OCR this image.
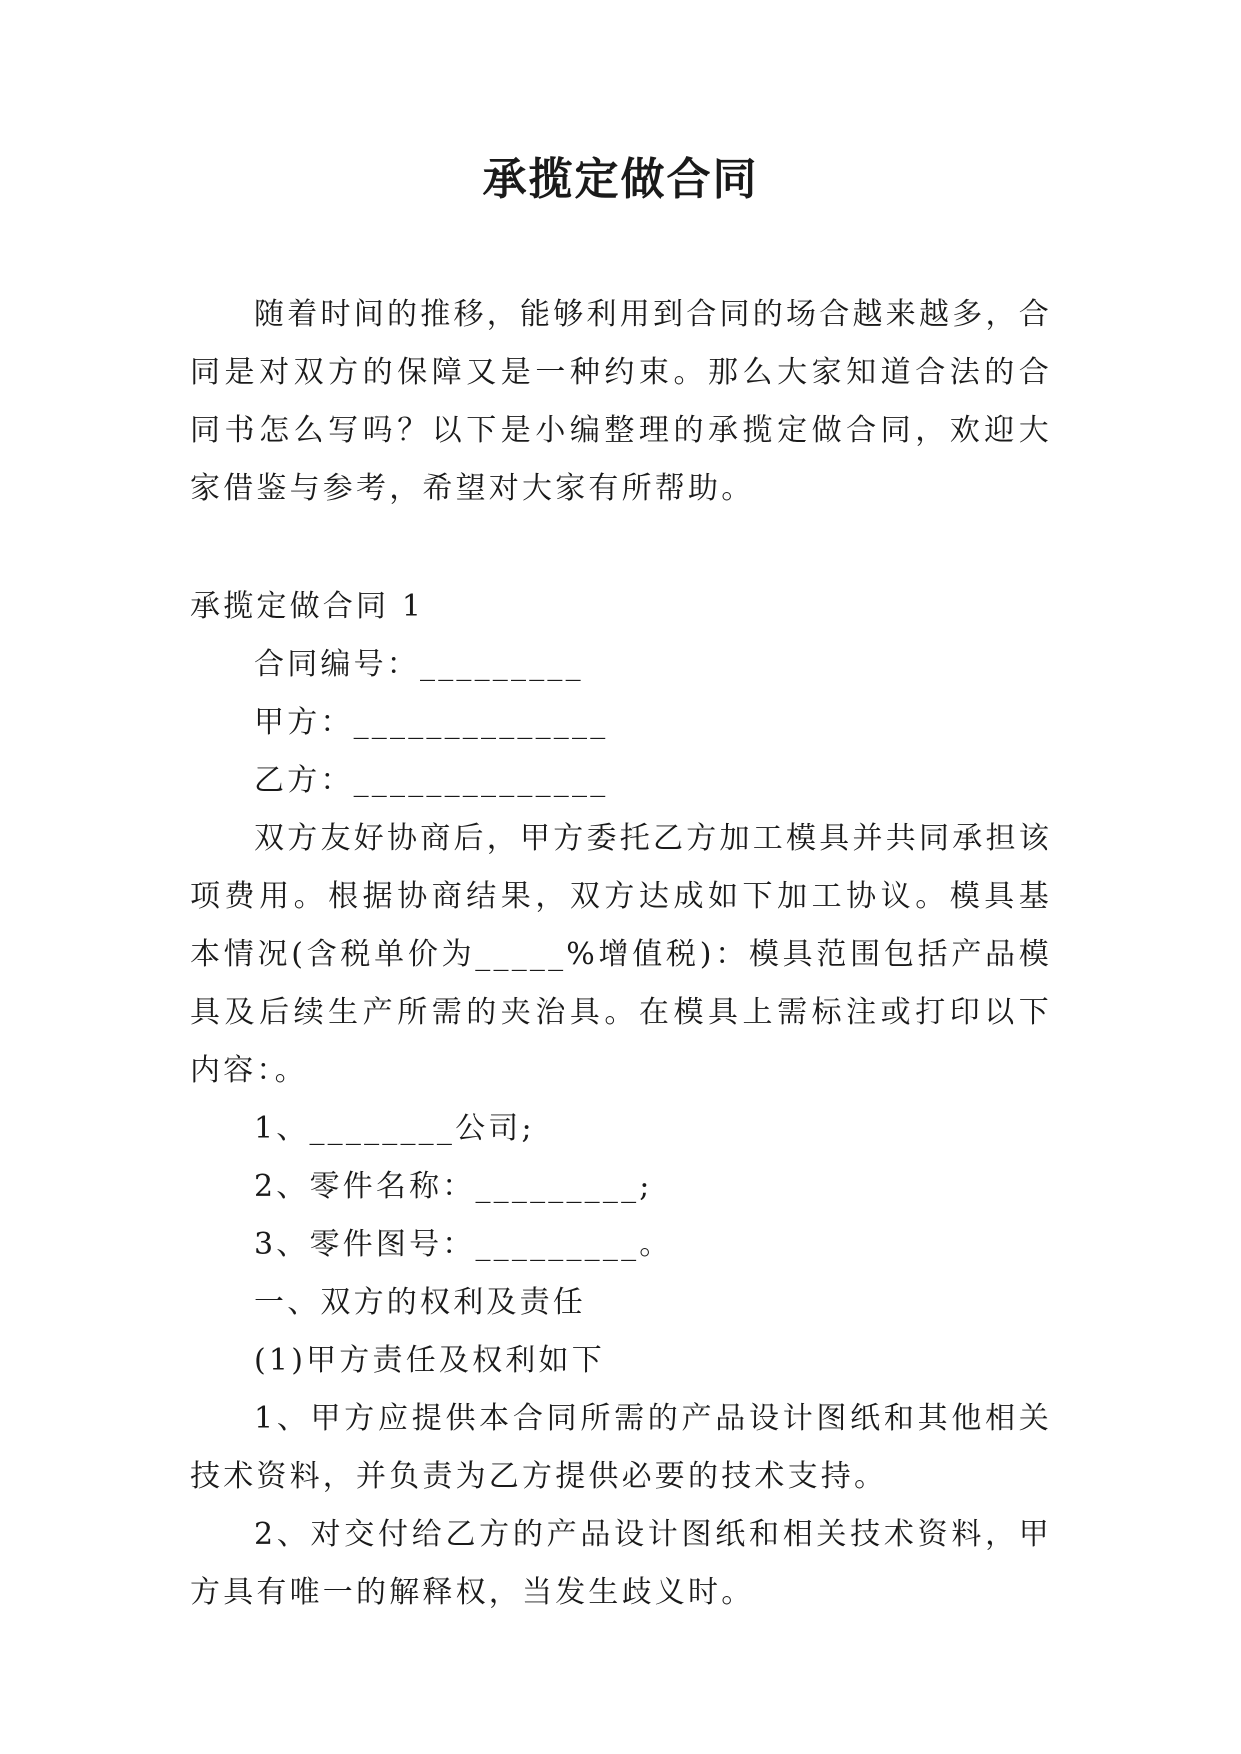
承揽定做合同

随着时间的推移，能够利用到合同的场合越来越多，合同是对双方的保障又是一种约束。那么大家知道合法的合同书怎么写吗？以下是小编整理的承揽定做合同，欢迎大家借鉴与参考，希望对大家有所帮助。

承揽定做合同 1

合同编号：_________

甲方：______________

乙方：______________

双方友好协商后，甲方委托乙方加工模具并共同承担该项费用。根据协商结果，双方达成如下加工协议。模具基本情况(含税单价为_____%增值税)：模具范围包括产品模具及后续生产所需的夹治具。在模具上需标注或打印以下内容：。

1、________公司;

2、零件名称：_________;

3、零件图号：_________。

一、双方的权利及责任

(1)甲方责任及权利如下

1、甲方应提供本合同所需的产品设计图纸和其他相关技术资料，并负责为乙方提供必要的技术支持。

2、对交付给乙方的产品设计图纸和相关技术资料，甲方具有唯一的解释权，当发生歧义时。
